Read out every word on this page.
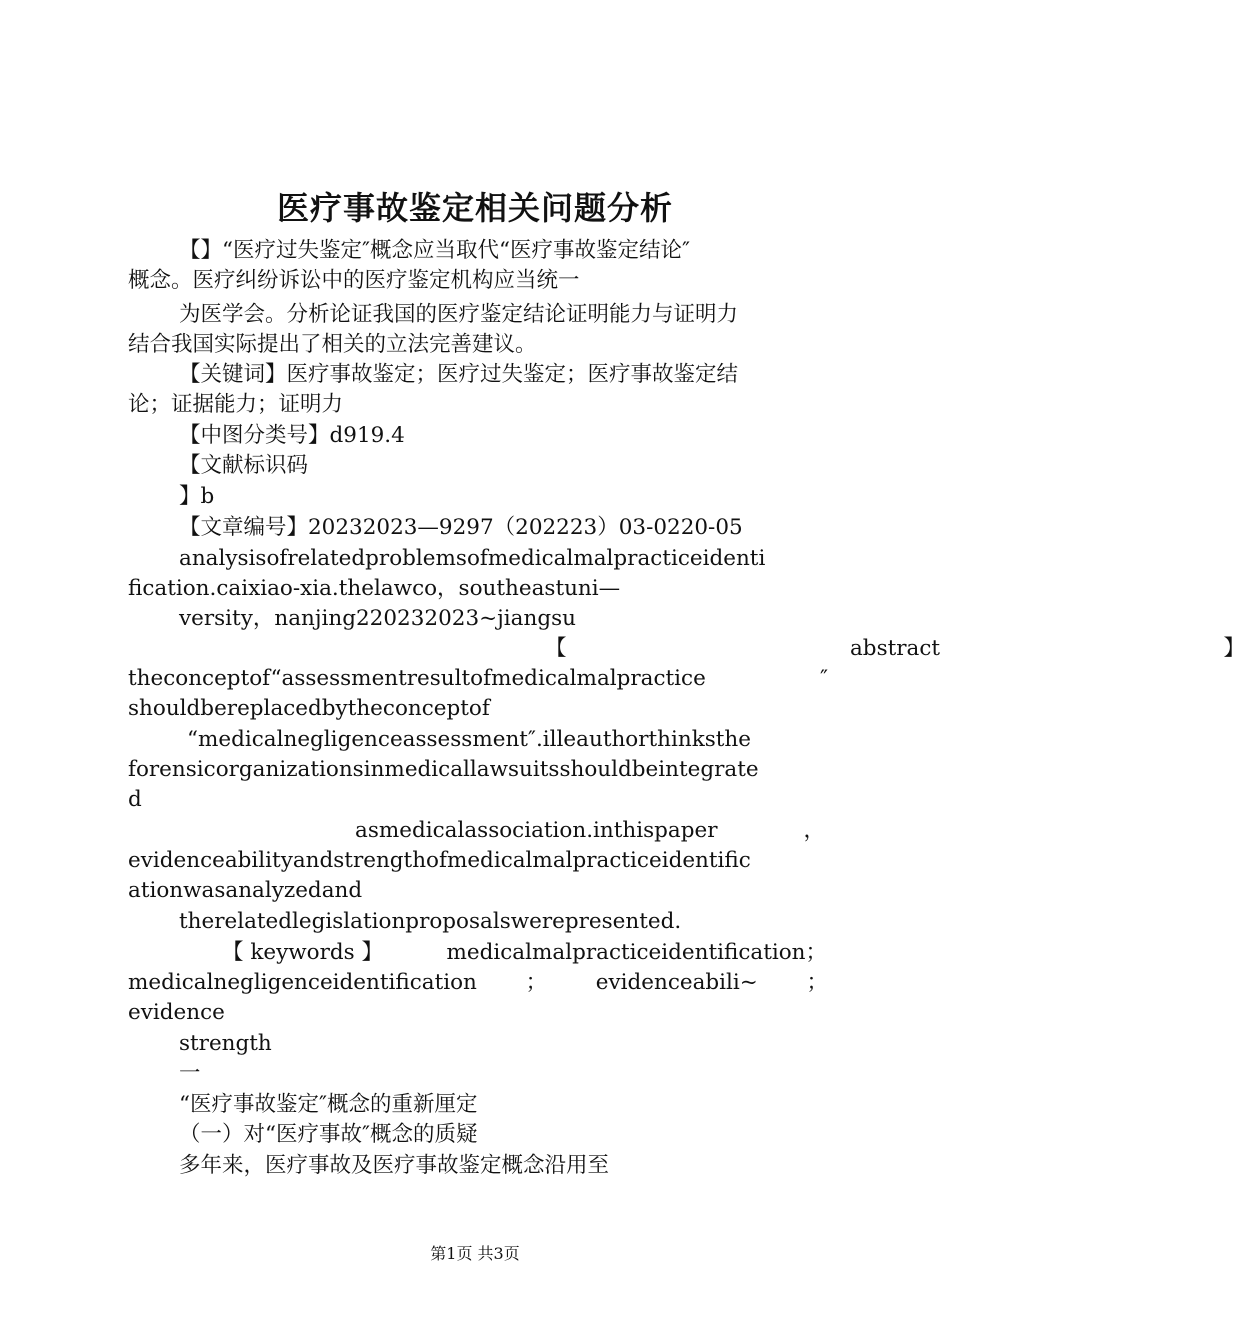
医疗事故鉴定相关问题分析
【】“医疗过失鉴定″概念应当取代“医疗事故鉴定结论″
概念。医疗纠纷诉讼中的医疗鉴定机构应当统一
为医学会。分析论证我国的医疗鉴定结论证明能力与证明力
结合我国实际提出了相关的立法完善建议。
【关键词】医疗事故鉴定；医疗过失鉴定；医疗事故鉴定结
论；证据能力；证明力
【中图分类号】d919.4
【文献标识码
】b
【文章编号】20232023—9297（202223）03-0220-05
analysisofrelatedproblemsofmedicalmalpracticeidenti
fication.caixiao-xia.thelawco，southeastuni—
versity，nanjing220232023~jiangsu
【	abstract	】
theconceptof“assessmentresultofmedicalmalpractice	″
shouldbereplacedbytheconceptof
“medicalnegligenceassessment″.illeauthorthinksthe
forensicorganizationsinmedicallawsuitsshouldbeintegrate
d
asmedicalassociation.inthispaper	，
evidenceabilityandstrengthofmedicalmalpracticeidentific
ationwasanalyzedand
therelatedlegislationproposalswerepresented.
【 keywords 】	medicalmalpracticeidentification；
medicalnegligenceidentification ； evidenceabili~ ；
evidence
strength
一
“医疗事故鉴定″概念的重新厘定
（一）对“医疗事故″概念的质疑
多年来，医疗事故及医疗事故鉴定概念沿用至
第1页 共3页
